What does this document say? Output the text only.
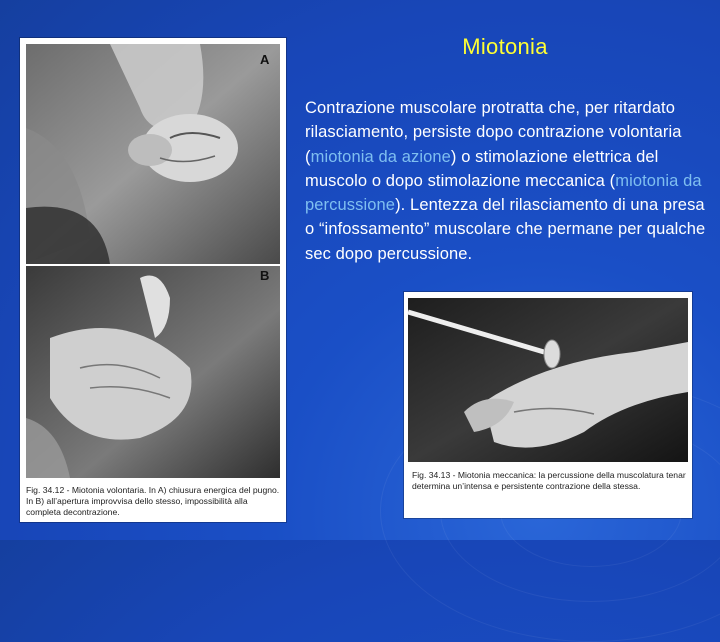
Miotonia
Contrazione muscolare protratta che, per ritardato rilasciamento, persiste dopo contrazione volontaria (miotonia da azione) o stimolazione elettrica del muscolo o dopo stimolazione meccanica (miotonia da percussione). Lentezza del rilasciamento di una presa o “infossamento” muscolare che permane per qualche sec dopo percussione.
A
B
Fig. 34.12 - Miotonia volontaria. In A) chiusura energica del pugno. In B) all’apertura improvvisa dello stesso, impossibilità alla completa decontrazione.
Fig. 34.13 - Miotonia meccanica: la percussione della muscolatura tenar determina un’intensa e persistente contrazione della stessa.
